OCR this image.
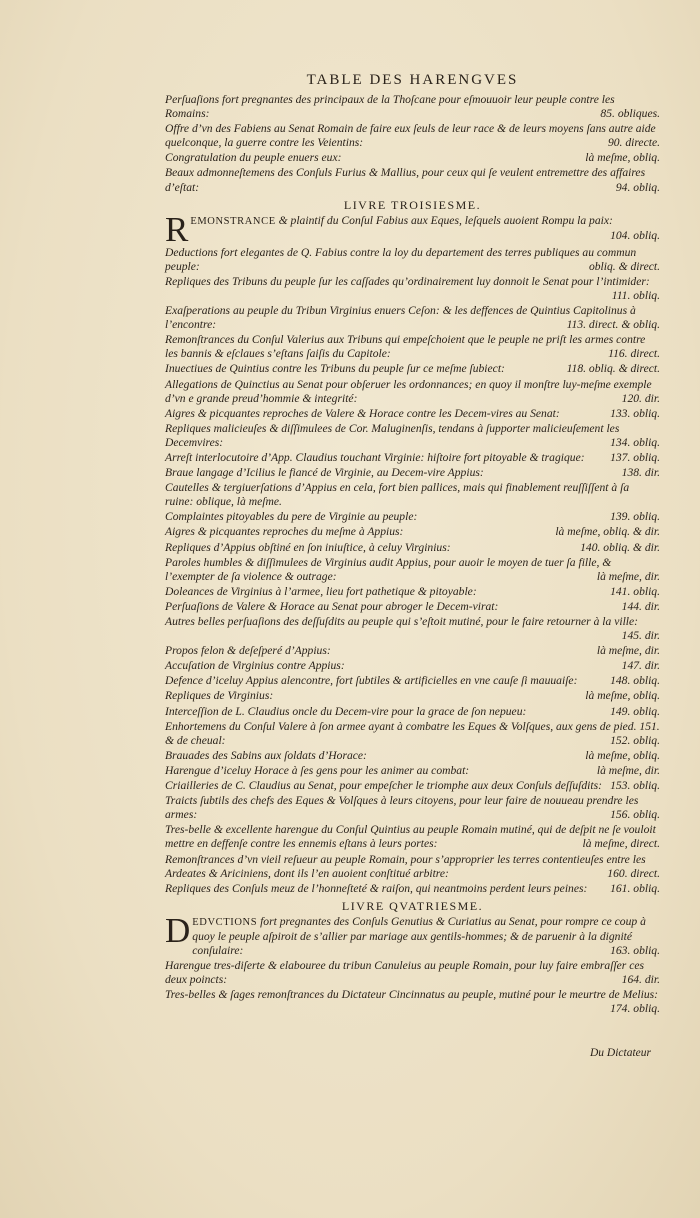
TABLE DES HARENGVES
Perſuaſions fort pregnantes des principaux de la Thoſcane pour eſmouuoir leur peuple contre les Romains:	85. obliques.
Offre d’vn des Fabiens au Senat Romain de faire eux ſeuls de leur race & de leurs moyens ſans autre aide quelconque, la guerre contre les Veientins:	90. directe.
Congratulation du peuple enuers eux:	là meſme, obliq.
Beaux admonneſtemens des Conſuls Furius & Mallius, pour ceux qui ſe veulent entremettre des affaires d’eſtat:	94. obliq.
LIVRE TROISIESME.
REMONSTRANCE & plaintif du Conſul Fabius aux Eques, leſquels auoient Rompu la paix:
104. obliq.
Deductions fort elegantes de Q. Fabius contre la loy du departement des terres publiques au commun peuple:	obliq. & direct.
Repliques des Tribuns du peuple ſur les caſſades qu’ordinairement luy donnoit le Senat pour l’intimider:
111. obliq.
Exaſperations au peuple du Tribun Virginius enuers Ceſon: & les deffences de Quintius Capitolinus à l’encontre:	113. direct. & obliq.
Remonſtrances du Conſul Valerius aux Tribuns qui empeſchoient que le peuple ne priſt les armes contre les bannis & eſclaues s’eſtans ſaiſis du Capitole:	116. direct.
Inuectiues de Quintius contre les Tribuns du peuple ſur ce meſme ſubiect:	118. obliq. & direct.
Allegations de Quinctius au Senat pour obſeruer les ordonnances; en quoy il monſtre luy-meſme exemple d’vn e grande preud’hommie & integrité:	120. dir.
Aigres & picquantes reproches de Valere & Horace contre les Decem-vires au Senat:	133. obliq.
Repliques malicieuſes & diſſimulees de Cor. Maluginenſis, tendans à ſupporter malicieuſement les Decemvires:	134. obliq.
Arreſt interlocutoire d’App. Claudius touchant Virginie: hiſtoire fort pitoyable & tragique:	137. obliq.
Braue langage d’Icilius le fiancé de Virginie, au Decem-vire Appius:	138. dir.
Cautelles & tergiuerſations d’Appius en cela, fort bien pallices, mais qui finablement reuſſiſſent à ſa ruine: oblique, là meſme.
Complaintes pitoyables du pere de Virginie au peuple:	139. obliq.
Aigres & picquantes reproches du meſme à Appius:	là meſme, obliq. & dir.
Repliques d’Appius obſtiné en ſon iniuſtice, à celuy Virginius:	140. obliq. & dir.
Paroles humbles & diſſimulees de Virginius audit Appius, pour auoir le moyen de tuer ſa fille, & l’exempter de ſa violence & outrage:	là meſme, dir.
Doleances de Virginius à l’armee, lieu fort pathetique & pitoyable:	141. obliq.
Perſuaſions de Valere & Horace au Senat pour abroger le Decem-virat:	144. dir.
Autres belles perſuaſions des deſſuſdits au peuple qui s’eſtoit mutiné, pour le faire retourner à la ville:
145. dir.
Propos felon & deſeſperé d’Appius:	là meſme, dir.
Accuſation de Virginius contre Appius:	147. dir.
Defence d’iceluy Appius alencontre, fort ſubtiles & artificielles en vne cauſe ſi mauuaiſe:	148. obliq.
Repliques de Virginius:	là meſme, obliq.
Interceſſion de L. Claudius oncle du Decem-vire pour la grace de ſon nepueu:	149. obliq.
Enhortemens du Conſul Valere à ſon armee ayant à combatre les Eques & Volſques, aux gens de pied. 151. & de cheual:	152. obliq.
Brauades des Sabins aux ſoldats d’Horace:	là meſme, obliq.
Harengue d’iceluy Horace à ſes gens pour les animer au combat:	là meſme, dir.
Criailleries de C. Claudius au Senat, pour empeſcher le triomphe aux deux Conſuls deſſuſdits: 153. obliq.
Traicts ſubtils des chefs des Eques & Volſques à leurs citoyens, pour leur faire de nouueau prendre les armes:	156. obliq.
Tres-belle & excellente harengue du Conſul Quintius au peuple Romain mutiné, qui de deſpit ne ſe vouloit mettre en deffenſe contre les ennemis eſtans à leurs portes:	là meſme, direct.
Remonſtrances d’vn vieil reſueur au peuple Romain, pour s’approprier les terres contentieuſes entre les Ardeates & Ariciniens, dont ils l’en auoient conſtitué arbitre:	160. direct.
Repliques des Conſuls meuz de l’honneſteté & raiſon, qui neantmoins perdent leurs peines:	161. obliq.
LIVRE QVATRIESME.
DEDVCTIONS fort pregnantes des Conſuls Genutius & Curiatius au Senat, pour rompre ce coup à quoy le peuple aſpiroit de s’allier par mariage aux gentils-hommes; & de paruenir à la dignité conſulaire:	163. obliq.
Harengue tres-diſerte & elabouree du tribun Canuleius au peuple Romain, pour luy faire embraſſer ces deux poincts:	164. dir.
Tres-belles & ſages remonſtrances du Dictateur Cincinnatus au peuple, mutiné pour le meurtre de Melius:
174. obliq.
Du Dictateur
